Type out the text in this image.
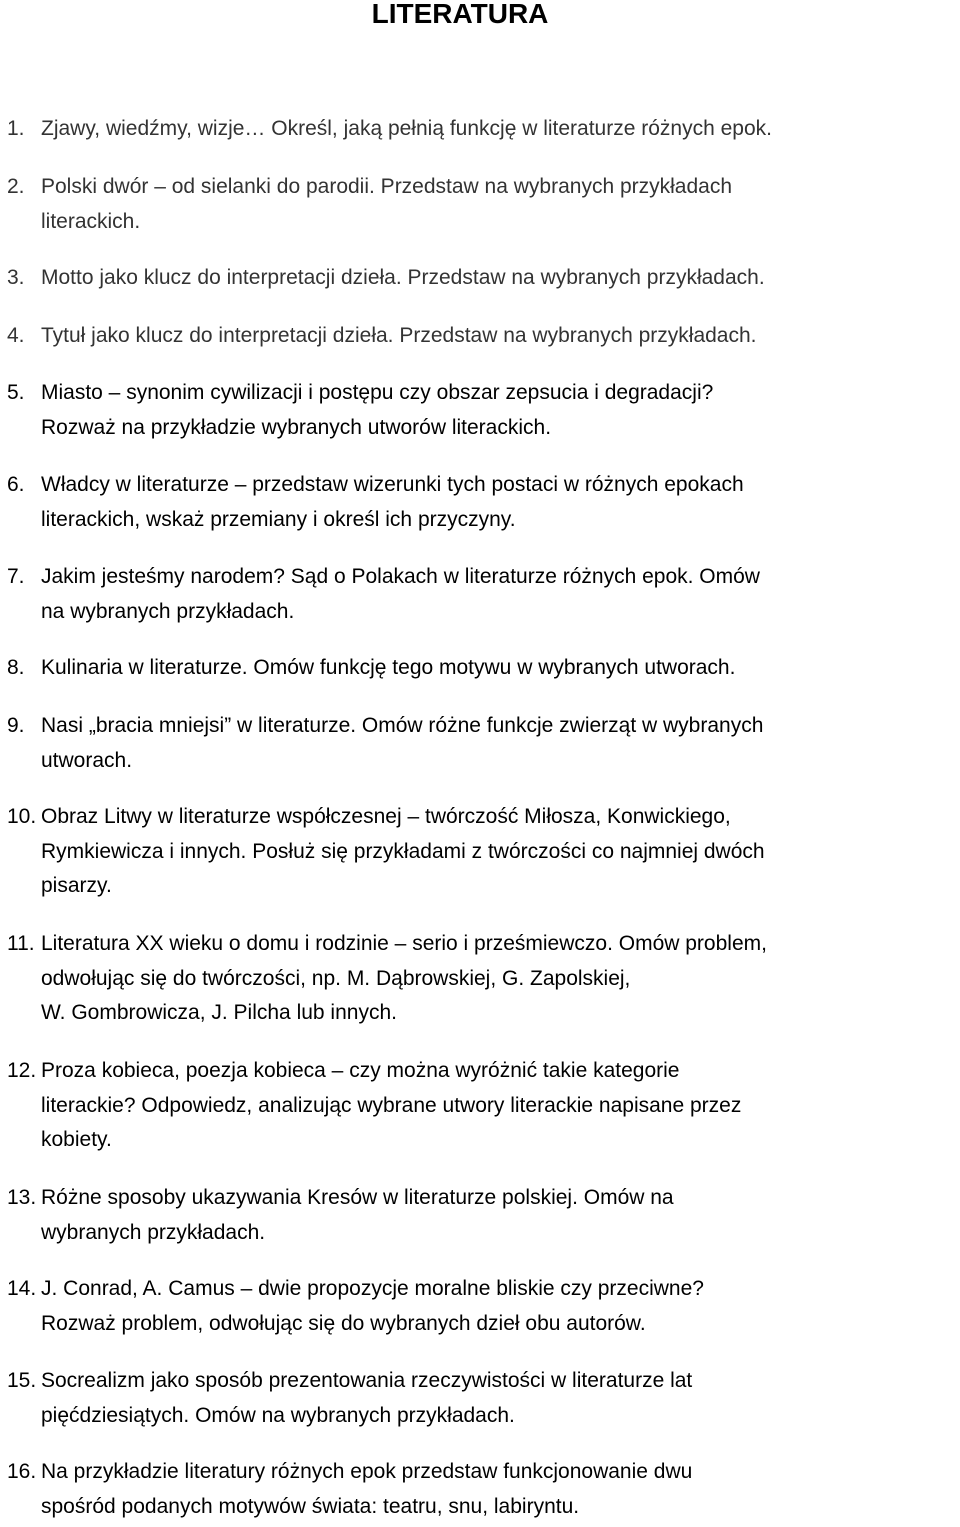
LITERATURA
1. Zjawy, wiedźmy, wizje… Określ, jaką pełnią funkcję w literaturze różnych epok.
2. Polski dwór – od sielanki do parodii. Przedstaw na wybranych przykładach
literackich.
3. Motto jako klucz do interpretacji dzieła. Przedstaw na wybranych przykładach.
4. Tytuł jako klucz do interpretacji dzieła. Przedstaw na wybranych przykładach.
5. Miasto – synonim cywilizacji i postępu czy obszar zepsucia i degradacji?
Rozważ na przykładzie wybranych utworów literackich.
6. Władcy w literaturze – przedstaw wizerunki tych postaci w różnych epokach
literackich, wskaż przemiany i określ ich przyczyny.
7. Jakim jesteśmy narodem? Sąd o Polakach w literaturze różnych epok. Omów
na wybranych przykładach.
8. Kulinaria w literaturze. Omów funkcję tego motywu w wybranych utworach.
9. Nasi „bracia mniejsi” w literaturze. Omów różne funkcje zwierząt w wybranych
utworach.
10. Obraz Litwy w literaturze współczesnej – twórczość Miłosza, Konwickiego,
Rymkiewicza i innych. Posłuż się przykładami z twórczości co najmniej dwóch
pisarzy.
11. Literatura XX wieku o domu i rodzinie – serio i prześmiewczo. Omów problem,
odwołując się do twórczości, np. M. Dąbrowskiej, G. Zapolskiej,
W. Gombrowicza, J. Pilcha lub innych.
12. Proza kobieca, poezja kobieca – czy można wyróżnić takie kategorie
literackie? Odpowiedz, analizując wybrane utwory literackie napisane przez
kobiety.
13. Różne sposoby ukazywania Kresów w literaturze polskiej. Omów na
wybranych przykładach.
14. J. Conrad, A. Camus – dwie propozycje moralne bliskie czy przeciwne?
Rozważ problem, odwołując się do wybranych dzieł obu autorów.
15. Socrealizm jako sposób prezentowania rzeczywistości w literaturze lat
pięćdziesiątych. Omów na wybranych przykładach.
16. Na przykładzie literatury różnych epok przedstaw funkcjonowanie dwu
spośród podanych motywów świata: teatru, snu, labiryntu.
